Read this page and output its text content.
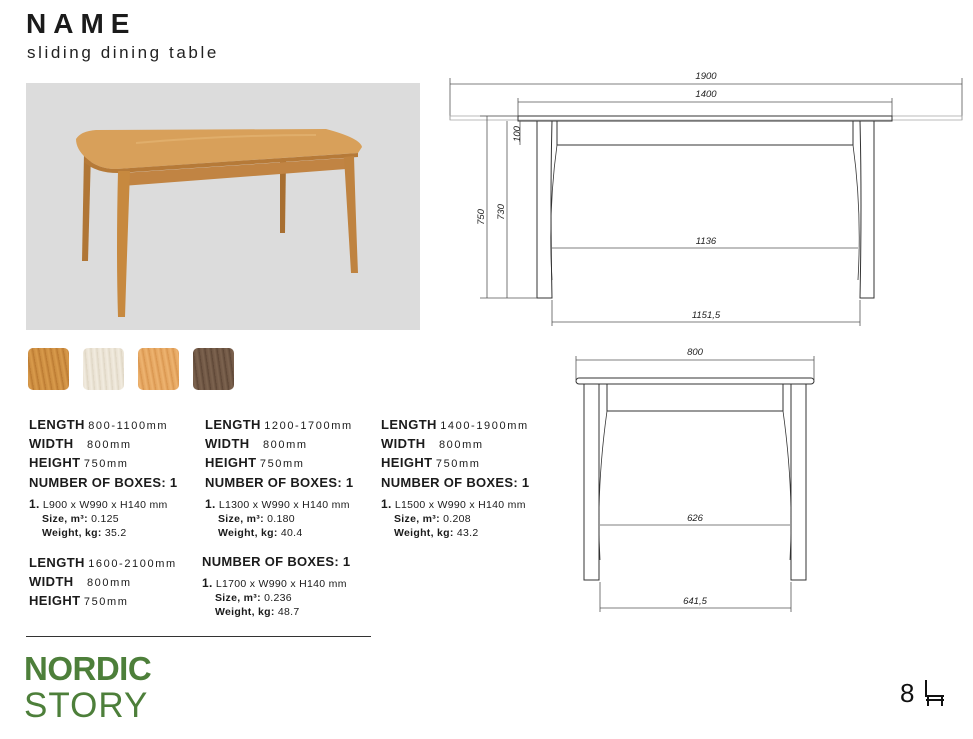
NAME
sliding dining table
LENGTH 800-1100mm
WIDTH 800mm
HEIGHT 750mm
NUMBER OF BOXES: 1
1. L900 x W990 x H140 mm
Size, m³: 0.125
Weight, kg: 35.2
LENGTH 1200-1700mm
WIDTH 800mm
HEIGHT 750mm
NUMBER OF BOXES: 1
1. L1300 x W990 x H140 mm
Size, m³: 0.180
Weight, kg: 40.4
LENGTH 1400-1900mm
WIDTH 800mm
HEIGHT 750mm
NUMBER OF BOXES: 1
1. L1500 x W990 x H140 mm
Size, m³: 0.208
Weight, kg: 43.2
LENGTH 1600-2100mm
WIDTH 800mm
HEIGHT 750mm
NUMBER OF BOXES: 1
1. L1700 x W990 x H140 mm
Size, m³: 0.236
Weight, kg: 48.7
NORDIC
STORY	8
1900
1400
1136
1151,5
750 730
100
800
626
641,5
